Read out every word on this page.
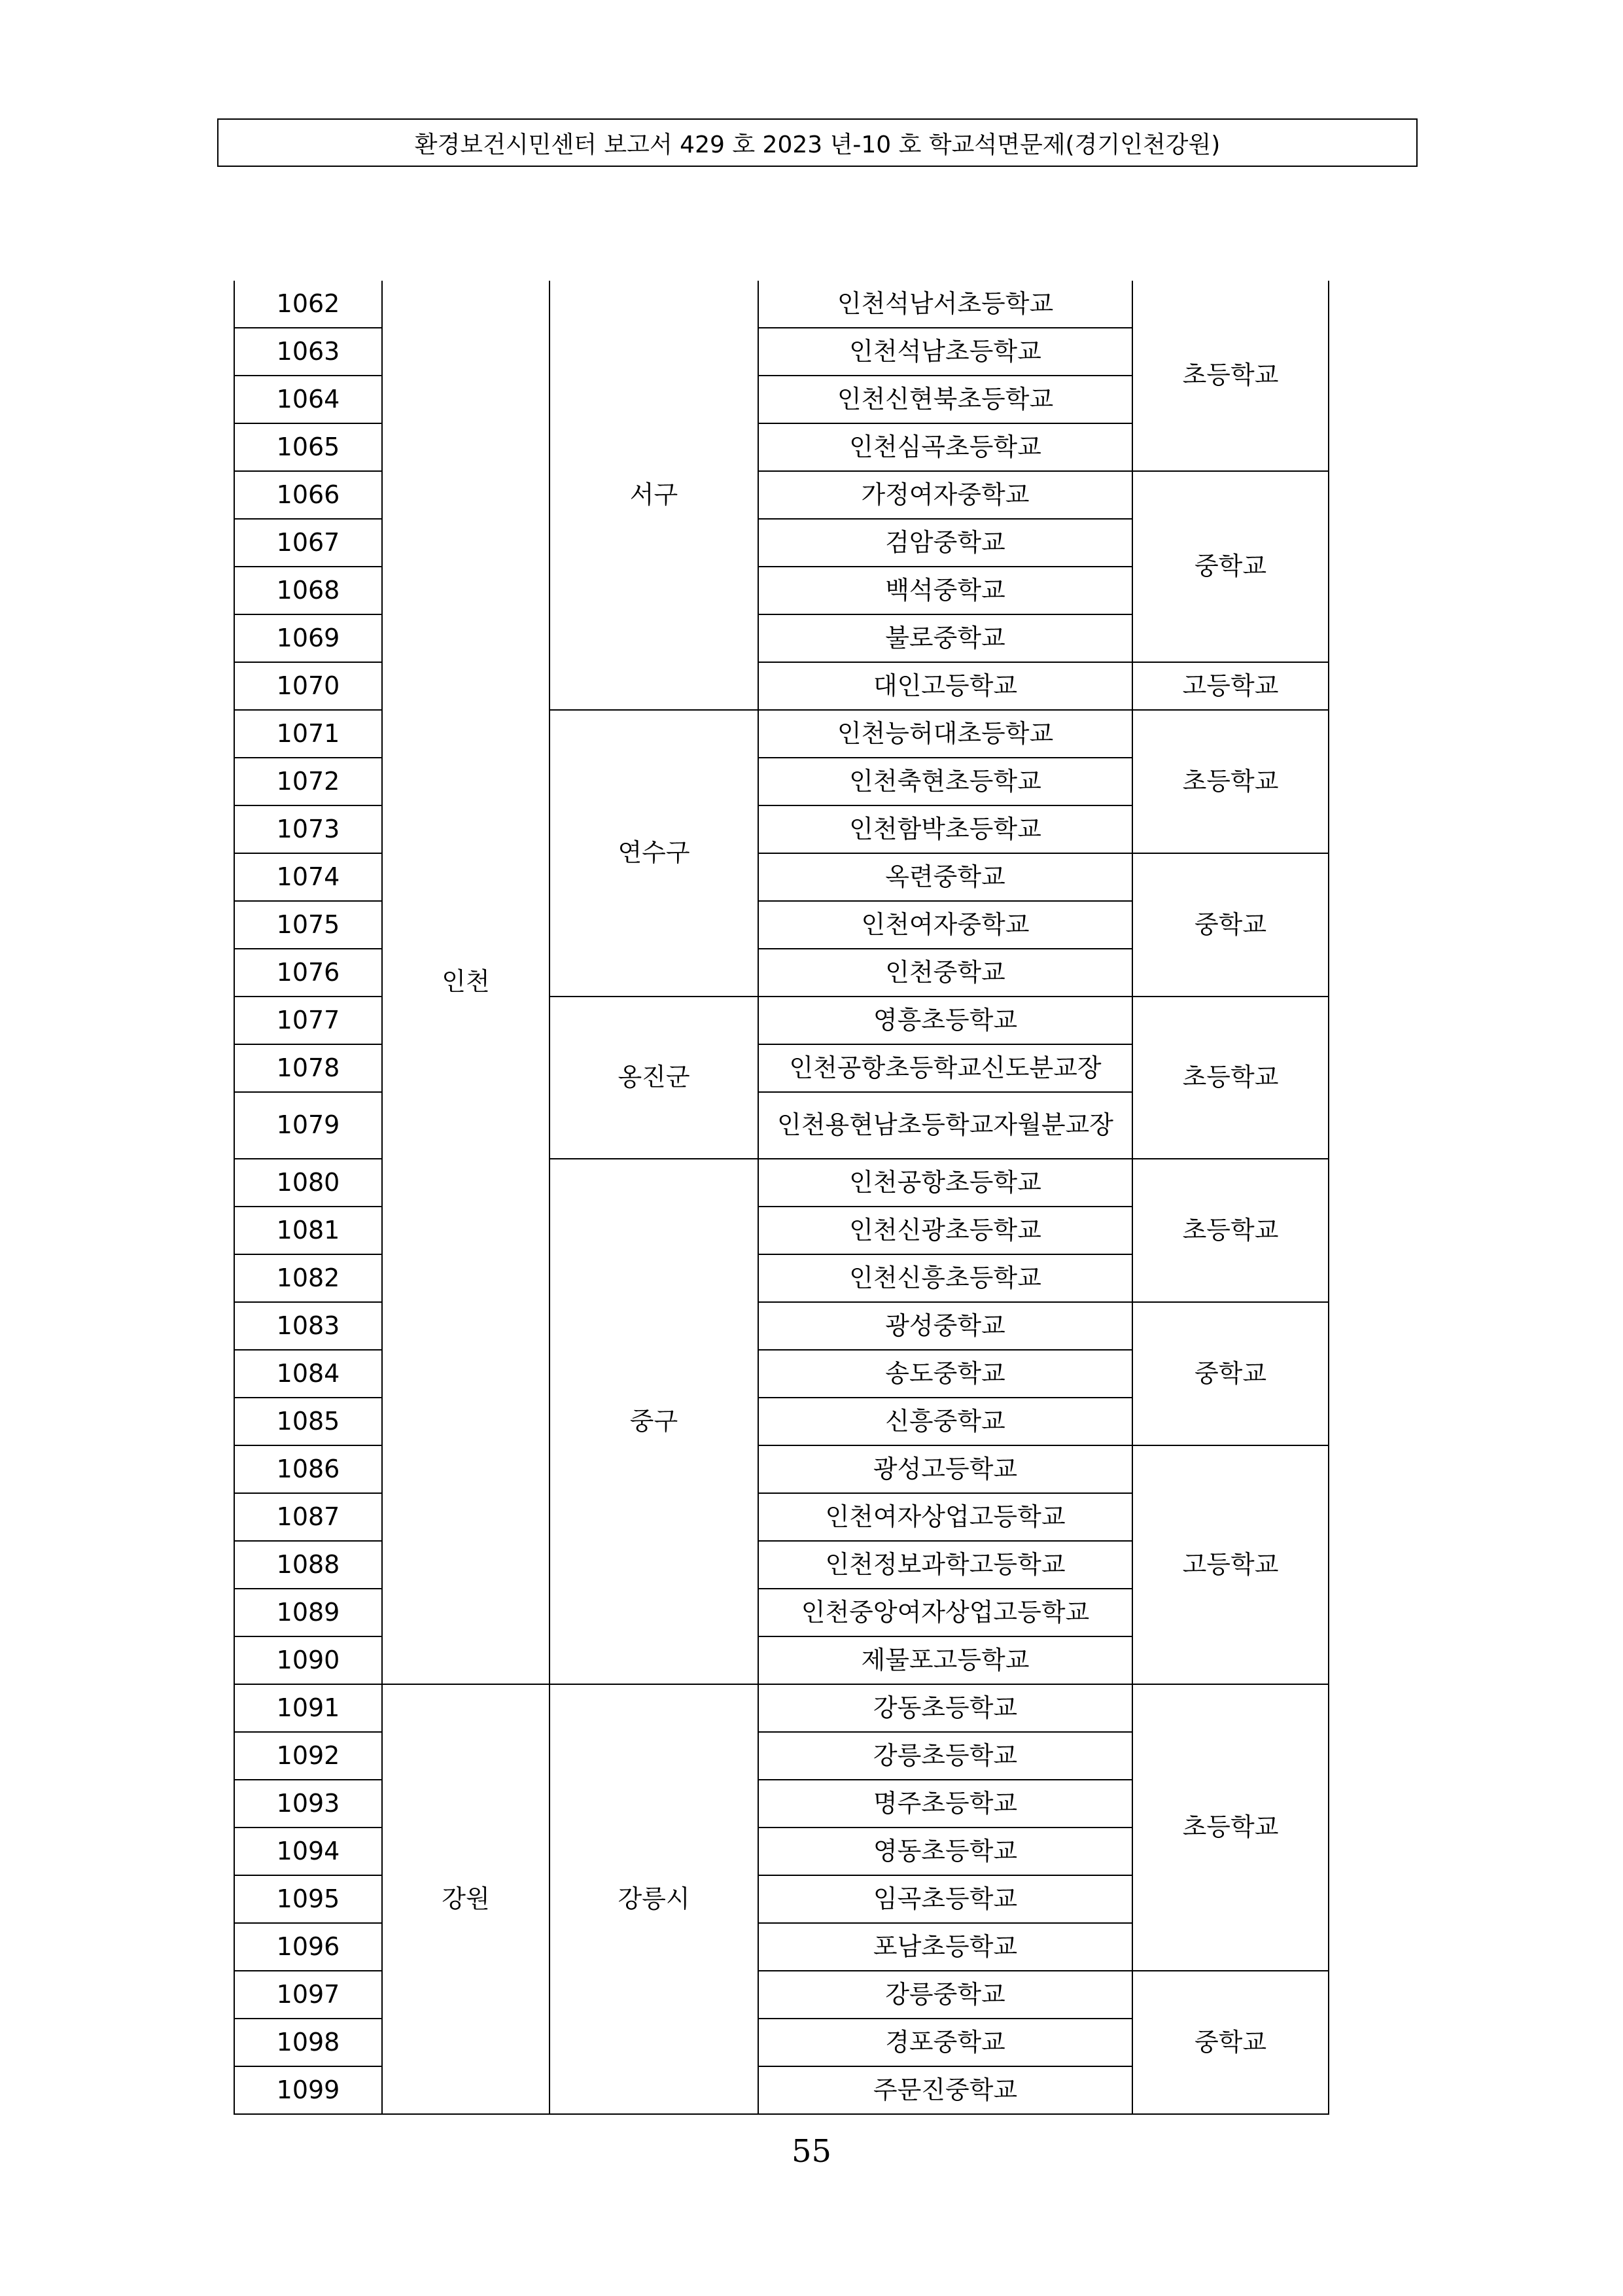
환경보건시민센터 보고서 429 호 2023 년-10 호 학교석면문제(경기인천강원)
1062	인천	서구	인천석남서초등학교	초등학교
1063			인천석남초등학교	
1064			인천신현북초등학교	
1065			인천심곡초등학교	
1066			가정여자중학교	중학교
1067			검암중학교	
1068			백석중학교	
1069			불로중학교	
1070			대인고등학교	고등학교
1071		연수구	인천능허대초등학교	초등학교
1072			인천축현초등학교	
1073			인천함박초등학교	
1074			옥련중학교	중학교
1075			인천여자중학교	
1076			인천중학교	
1077		옹진군	영흥초등학교	초등학교
1078			인천공항초등학교신도분교장	
1079			인천용현남초등학교자월분교장	
1080		중구	인천공항초등학교	초등학교
1081			인천신광초등학교	
1082			인천신흥초등학교	
1083			광성중학교	중학교
1084			송도중학교	
1085			신흥중학교	
1086			광성고등학교	고등학교
1087			인천여자상업고등학교	
1088			인천정보과학고등학교	
1089			인천중앙여자상업고등학교	
1090			제물포고등학교	
1091	강원	강릉시	강동초등학교	초등학교
1092			강릉초등학교	
1093			명주초등학교	
1094			영동초등학교	
1095			임곡초등학교	
1096			포남초등학교	
1097			강릉중학교	중학교
1098			경포중학교	
1099			주문진중학교	
55
